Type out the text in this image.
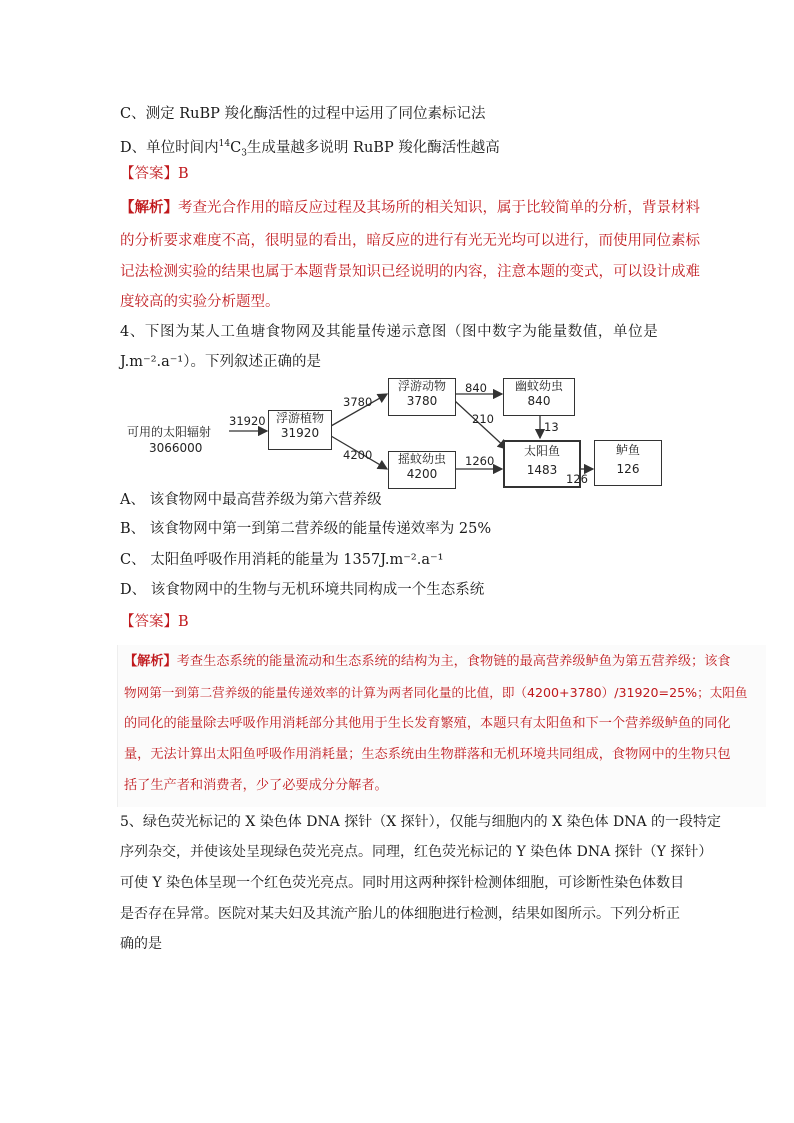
C、测定 RuBP 羧化酶活性的过程中运用了同位素标记法
D、单位时间内$^{14}C_3$生成量越多说明 RuBP 羧化酶活性越高
【答案】B
【解析】考查光合作用的暗反应过程及其场所的相关知识，属于比较简单的分析，背景材料
的分析要求难度不高，很明显的看出，暗反应的进行有光无光均可以进行，而使用同位素标
记法检测实验的结果也属于本题背景知识已经说明的内容，注意本题的变式，可以设计成难
度较高的实验分析题型。
4、下图为某人工鱼塘食物网及其能量传递示意图（图中数字为能量数值，单位是
J.m⁻².a⁻¹）。下列叙述正确的是
可用的太阳辐射
3066000
浮游植物
31920
浮游动物
3780
摇蚊幼虫
4200
幽蚊幼虫
840
太阳鱼
1483
鲈鱼
126
31920
3780
4200
840
210
13
1260
126
A、 该食物网中最高营养级为第六营养级
B、 该食物网中第一到第二营养级的能量传递效率为 25%
C、 太阳鱼呼吸作用消耗的能量为 1357J.m⁻².a⁻¹
D、 该食物网中的生物与无机环境共同构成一个生态系统
【答案】B
【解析】考查生态系统的能量流动和生态系统的结构为主，食物链的最高营养级鲈鱼为第五营养级；该食
物网第一到第二营养级的能量传递效率的计算为两者同化量的比值，即（4200+3780）/31920=25%；太阳鱼
的同化的能量除去呼吸作用消耗部分其他用于生长发育繁殖，本题只有太阳鱼和下一个营养级鲈鱼的同化
量，无法计算出太阳鱼呼吸作用消耗量；生态系统由生物群落和无机环境共同组成，食物网中的生物只包
括了生产者和消费者，少了必要成分分解者。
5、绿色荧光标记的 X 染色体 DNA 探针（X 探针），仅能与细胞内的 X 染色体 DNA 的一段特定
序列杂交，并使该处呈现绿色荧光亮点。同理，红色荧光标记的 Y 染色体 DNA 探针（Y 探针）
可使 Y 染色体呈现一个红色荧光亮点。同时用这两种探针检测体细胞，可诊断性染色体数目
是否存在异常。医院对某夫妇及其流产胎儿的体细胞进行检测，结果如图所示。下列分析正
确的是
